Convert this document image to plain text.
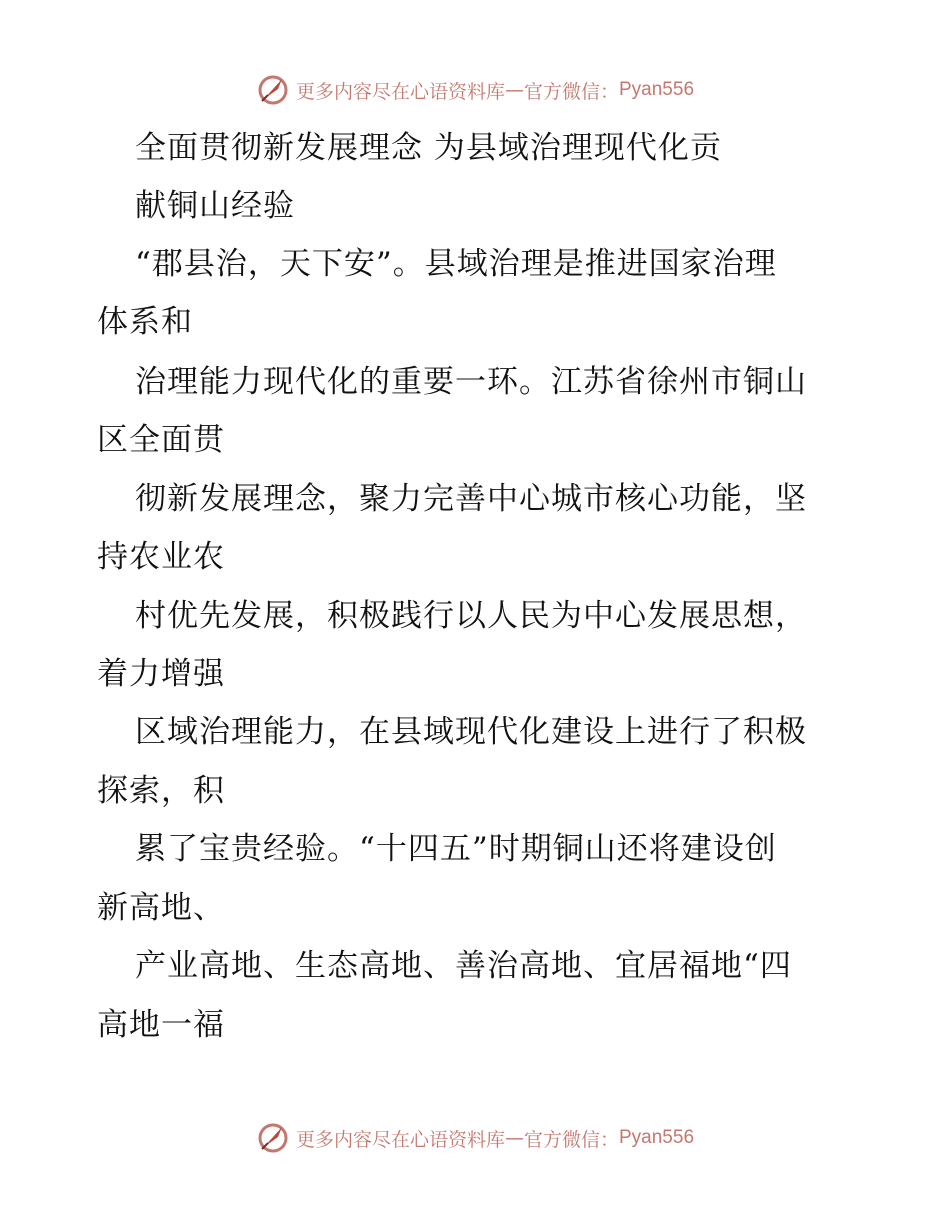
更多内容尽在心语资料库 — 官方微信： Pyan556
全面贯彻新发展理念 为县域治理现代化贡
献铜山经验
“郡县治，天下安”。县域治理是推进国家治理
体系和
治理能力现代化的重要一环。江苏省徐州市铜山
区全面贯
彻新发展理念，聚力完善中心城市核心功能，坚
持农业农
村优先发展，积极践行以人民为中心发展思想，
着力增强
区域治理能力，在县域现代化建设上进行了积极
探索，积
累了宝贵经验。“十四五”时期铜山还将建设创
新高地、
产业高地、生态高地、善治高地、宜居福地“四
高地一福
更多内容尽在心语资料库 — 官方微信： Pyan556
